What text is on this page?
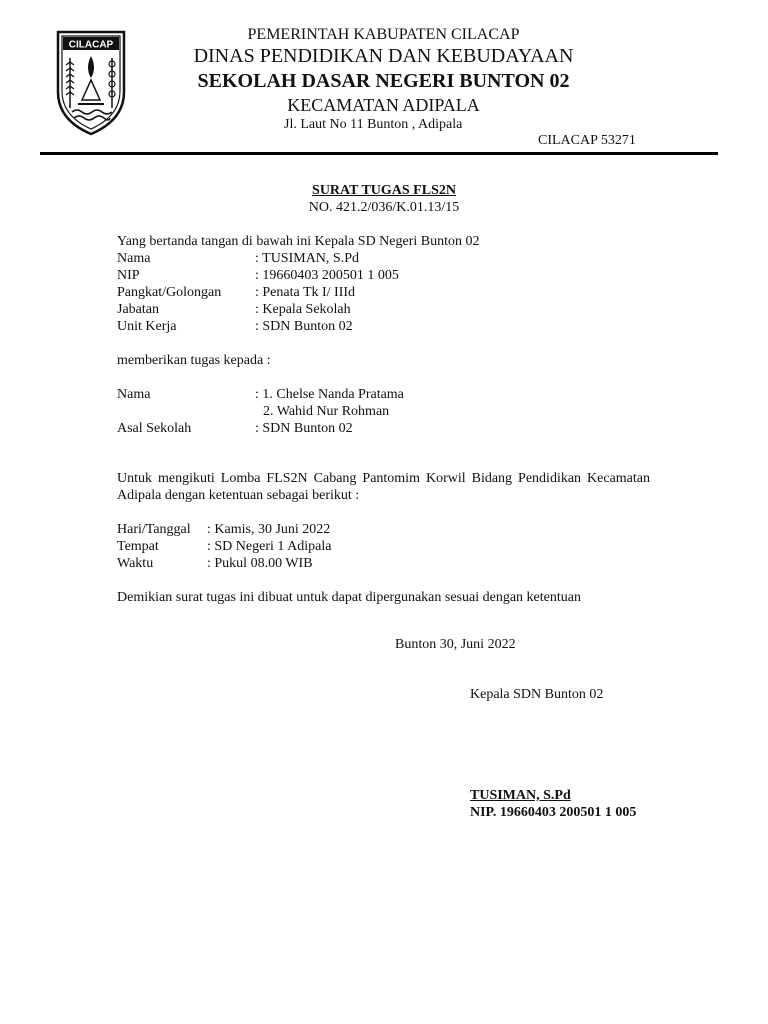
CILACAP
PEMERINTAH KABUPATEN CILACAP
DINAS PENDIDIKAN DAN KEBUDAYAAN
SEKOLAH DASAR NEGERI BUNTON 02
KECAMATAN ADIPALA
Jl. Laut No 11 Bunton , Adipala
CILACAP 53271
SURAT TUGAS FLS2N
NO. 421.2/036/K.01.13/15
Yang bertanda tangan di bawah ini Kepala SD Negeri Bunton 02
Nama	: TUSIMAN, S.Pd
NIP	: 19660403 200501 1 005
Pangkat/Golongan : Penata Tk I/ IIId
Jabatan	: Kepala Sekolah
Unit Kerja	: SDN Bunton 02
memberikan tugas kepada :
Nama	: 1. Chelse Nanda Pratama
2. Wahid Nur Rohman
Asal Sekolah	: SDN Bunton 02
Untuk mengikuti Lomba FLS2N Cabang Pantomim Korwil Bidang Pendidikan Kecamatan Adipala dengan ketentuan sebagai berikut :
Hari/Tanggal : Kamis, 30 Juni 2022
Tempat	: SD Negeri 1 Adipala
Waktu	: Pukul 08.00 WIB
Demikian surat tugas ini dibuat untuk dapat dipergunakan sesuai dengan ketentuan
Bunton 30, Juni 2022
Kepala SDN Bunton 02
TUSIMAN, S.Pd
NIP. 19660403 200501 1 005
